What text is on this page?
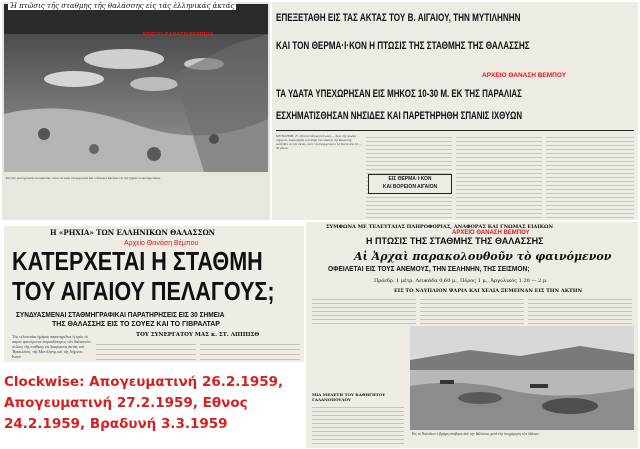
ΑΡΧΕΙΟ ΘΑΝΑΣΗ ΒΕΜΠΟΥ
Εἰς τὴν φωτογραφία τὸ λιμανάκι, ὅπου τὰ νερὰ ὑπεχώρησαν καὶ οἱ βάρκες ἔμειναν εἰς τὴν ξηρὰν ὁλοκληρωτικῶς.
Ἡ πτῶσις τῆς σταθμης τῆς θαλάσσης εἰς τάς ἑλληνικάς ἀκτάς
ΕΠΕΞΕΤΑΘΗ ΕΙΣ ΤΑΣ ΑΚΤΑΣ ΤΟΥ Β. ΑΙΓΑΙΟΥ, ΤΗΝ ΜΥΤΙΛΗΝΗΝ
ΚΑΙ ΤΟΝ ΘΕΡΜΑ·Ι·ΚΟΝ Η ΠΤΩΣΙΣ ΤΗΣ ΣΤΑΘΜΗΣ ΤΗΣ ΘΑΛΑΣΣΗΣ
ΑΡΧΕΙΟ ΘΑΝΑΣΗ ΒΕΜΠΟΥ
ΤΑ ΥΔΑΤΑ ΥΠΕΧΩΡΗΣΑΝ ΕΙΣ ΜΗΚΟΣ 10-30 Μ. ΕΚ ΤΗΣ ΠΑΡΑΛΙΑΣ
ΕΣΧΗΜΑΤΙΣΘΗΣΑΝ ΝΗΣΙΔΕΣ ΚΑΙ ΠΑΡΕΤΗΡΗΘΗ ΣΠΑΝΙΣ ΙΧΘΥΩΝ
ΜΥΤΙΛΗΝΗ, 27. (Τοῦ ἀνταποκριτοῦ μας).— Ἀπὸ τῆς πρωΐας σήμερον, παρετηρήθη ἡ σταθμὴ τῶν ὑδάτων τῆς θαλάσσης κατῆλθεν εἰς τὰς ἀκτάς, ὥστε νὰ ὑποχωρήσουν τὰ ὕδατα ἀπὸ 10—30 μέτρα.
ΕΙΣ ΘΕΡΜΑ·Ι·ΚΟΝ
ΚΑΙ ΒΟΡΕΙΟΝ ΑΙΓΑΙΟΝ
Η «ΡΗΧΙΑ» ΤΩΝ ΕΛΛΗΝΙΚΩΝ ΘΑΛΑΣΣΩΝ
Αρχείο Θανάση Βέμπου
ΚΑΤΕΡΧΕΤΑΙ Η ΣΤΑΘΜΗ
ΤΟΥ ΑΙΓΑΙΟΥ ΠΕΛΑΓΟΥΣ;
ΣΥΝΔΥΑΣΜΕΝΑΙ ΣΤΑΘΜΗΓΡΑΦΙΚΑΙ ΠΑΡΑΤΗΡΗΣΕΙΣ ΕΙΣ 30 ΣΗΜΕΙΑ
ΤΗΣ ΘΑΛΑΣΣΗΣ ΕΙΣ ΤΟ ΣΟΥΕΖ ΚΑΙ ΤΟ ΓΙΒΡΑΛΤΑΡ
ΤΟΥ ΣΥΝΕΡΓΑΤΟΥ ΜΑΣ κ. ΣΤ. ΛΙΠΠΙΣΘ
Τὰς τελευταίας ἡμέρας παρατηρεῖται ἡ πρὸς τὸ παρὸν φαινόμενον ἀπροσδόκητος τῶν θαλασσῶν πτῶσις τῆς στάθμης εἰς διαφόρους ἀκτὰς τοῦ Ἡρακλείου, τῆς Μυτιλήνης καὶ τῆς Λήμνου. Κατὰ
ΣΥΜΦΩΝΑ ΜΕ ΤΕΛΕΥΤΑΙΑΣ ΠΛΗΡΟΦΟΡΙΑΣ, ΑΝΑΦΟΡΑΣ ΚΑΙ ΓΝΩΜΑΣ ΕΙΔΙΚΩΝ
ΑΡΧΕΙΟ ΘΑΝΑΣΗ ΒΕΜΠΟΥ
Η ΠΤΩΣΙΣ ΤΗΣ ΣΤΑΘΜΗΣ ΤΗΣ ΘΑΛΑΣΣΗΣ
Αἱ Ἀρχαὶ παρακολουθοῦν τὸ φαινόμενον
ΟΦΕΙΛΕΤΑΙ ΕΙΣ ΤΟΥΣ ΑΝΕΜΟΥΣ, ΤΗΝ ΣΕΛΗΝΗΝ, ΤΗΣ ΣΕΙΣΜΟΝ;
Πρόεδρ. 1 μέτρ. Λευκάδα 0,60 μ., Πόρος 1 μ., Ἀργολικός 1.20 — 2 μ.
ΕΙΣ ΤΟ ΝΑΥΠΛΙΟΝ ΨΑΡΙΑ ΚΑΙ ΧΕΛΙΑ ΞΕΜΕΙΝΑΝ ΕΙΣ ΤΗΝ ΑΚΤΗΝ
ΜΙΑ ΜΕΛΕΤΗ ΤΟΥ ΚΑΘΗΓΗΤΟΥ ΓΑΛΑΝΟΠΟΥΛΟΥ
Εἰς τὸ Ναύπλιον ὁ βράχος ἀνέβηκε ἀπὸ τὴν θάλασσα, μετὰ τὴν ὑποχώρηση τῶν ὑδάτων.
Clockwise: Απογευματινή 26.2.1959,
Απογευματινή 27.2.1959, Εθνος
24.2.1959, Βραδυνή 3.3.1959
